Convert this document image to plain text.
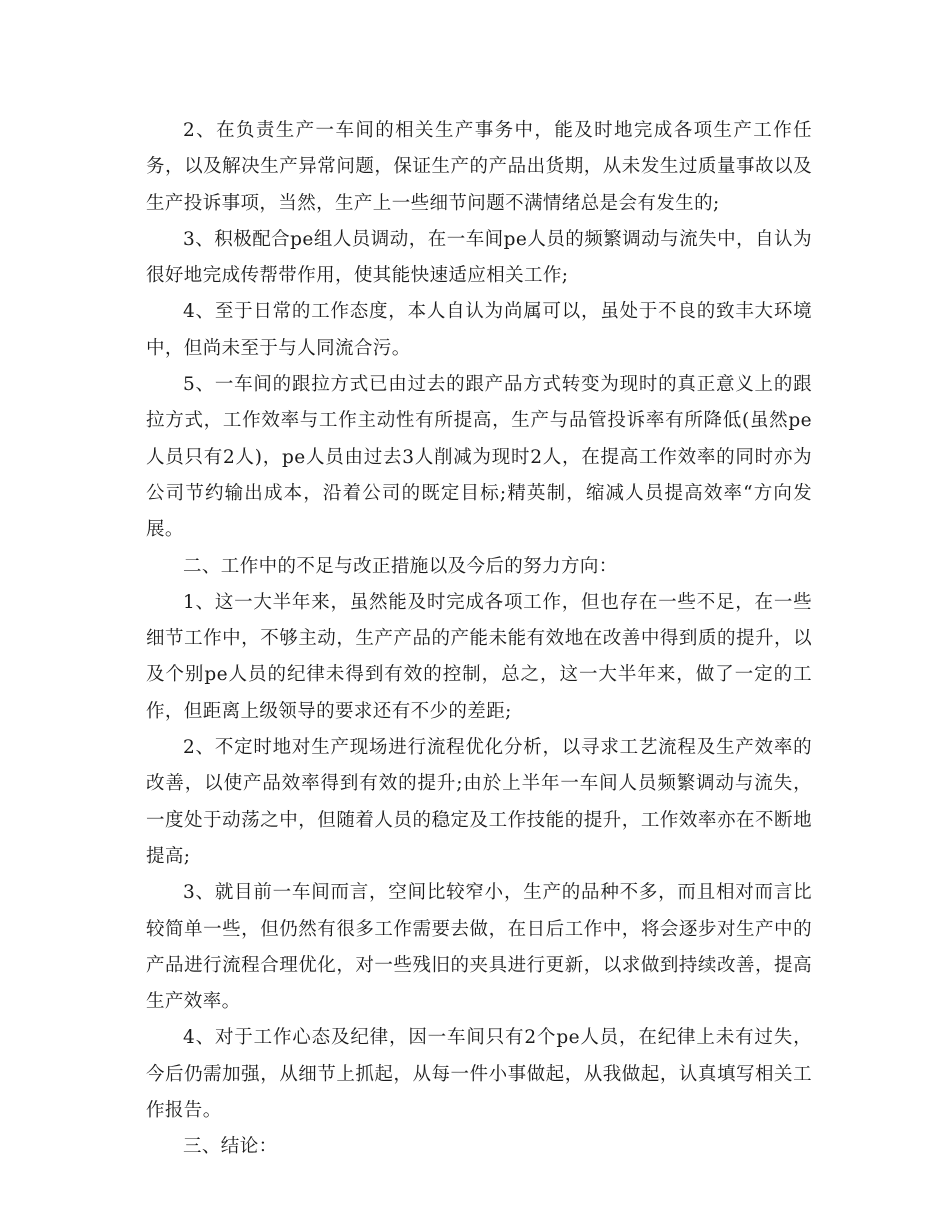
2、在负责生产一车间的相关生产事务中，能及时地完成各项生产工作任务，以及解决生产异常问题，保证生产的产品出货期，从未发生过质量事故以及生产投诉事项，当然，生产上一些细节问题不满情绪总是会有发生的;

3、积极配合pe组人员调动，在一车间pe人员的频繁调动与流失中，自认为很好地完成传帮带作用，使其能快速适应相关工作;

4、至于日常的工作态度，本人自认为尚属可以，虽处于不良的致丰大环境中，但尚未至于与人同流合污。

5、一车间的跟拉方式已由过去的跟产品方式转变为现时的真正意义上的跟拉方式，工作效率与工作主动性有所提高，生产与品管投诉率有所降低(虽然pe人员只有2人)，pe人员由过去3人削减为现时2人，在提高工作效率的同时亦为公司节约输出成本，沿着公司的既定目标;精英制，缩减人员提高效率“方向发展。

二、工作中的不足与改正措施以及今后的努力方向：

1、这一大半年来，虽然能及时完成各项工作，但也存在一些不足，在一些细节工作中，不够主动，生产产品的产能未能有效地在改善中得到质的提升，以及个别pe人员的纪律未得到有效的控制，总之，这一大半年来，做了一定的工作，但距离上级领导的要求还有不少的差距;

2、不定时地对生产现场进行流程优化分析，以寻求工艺流程及生产效率的改善，以使产品效率得到有效的提升;由於上半年一车间人员频繁调动与流失，一度处于动荡之中，但随着人员的稳定及工作技能的提升，工作效率亦在不断地提高;

3、就目前一车间而言，空间比较窄小，生产的品种不多，而且相对而言比较简单一些，但仍然有很多工作需要去做，在日后工作中，将会逐步对生产中的产品进行流程合理优化，对一些残旧的夹具进行更新，以求做到持续改善，提高生产效率。

4、对于工作心态及纪律，因一车间只有2个pe人员，在纪律上未有过失，今后仍需加强，从细节上抓起，从每一件小事做起，从我做起，认真填写相关工作报告。

三、结论：
